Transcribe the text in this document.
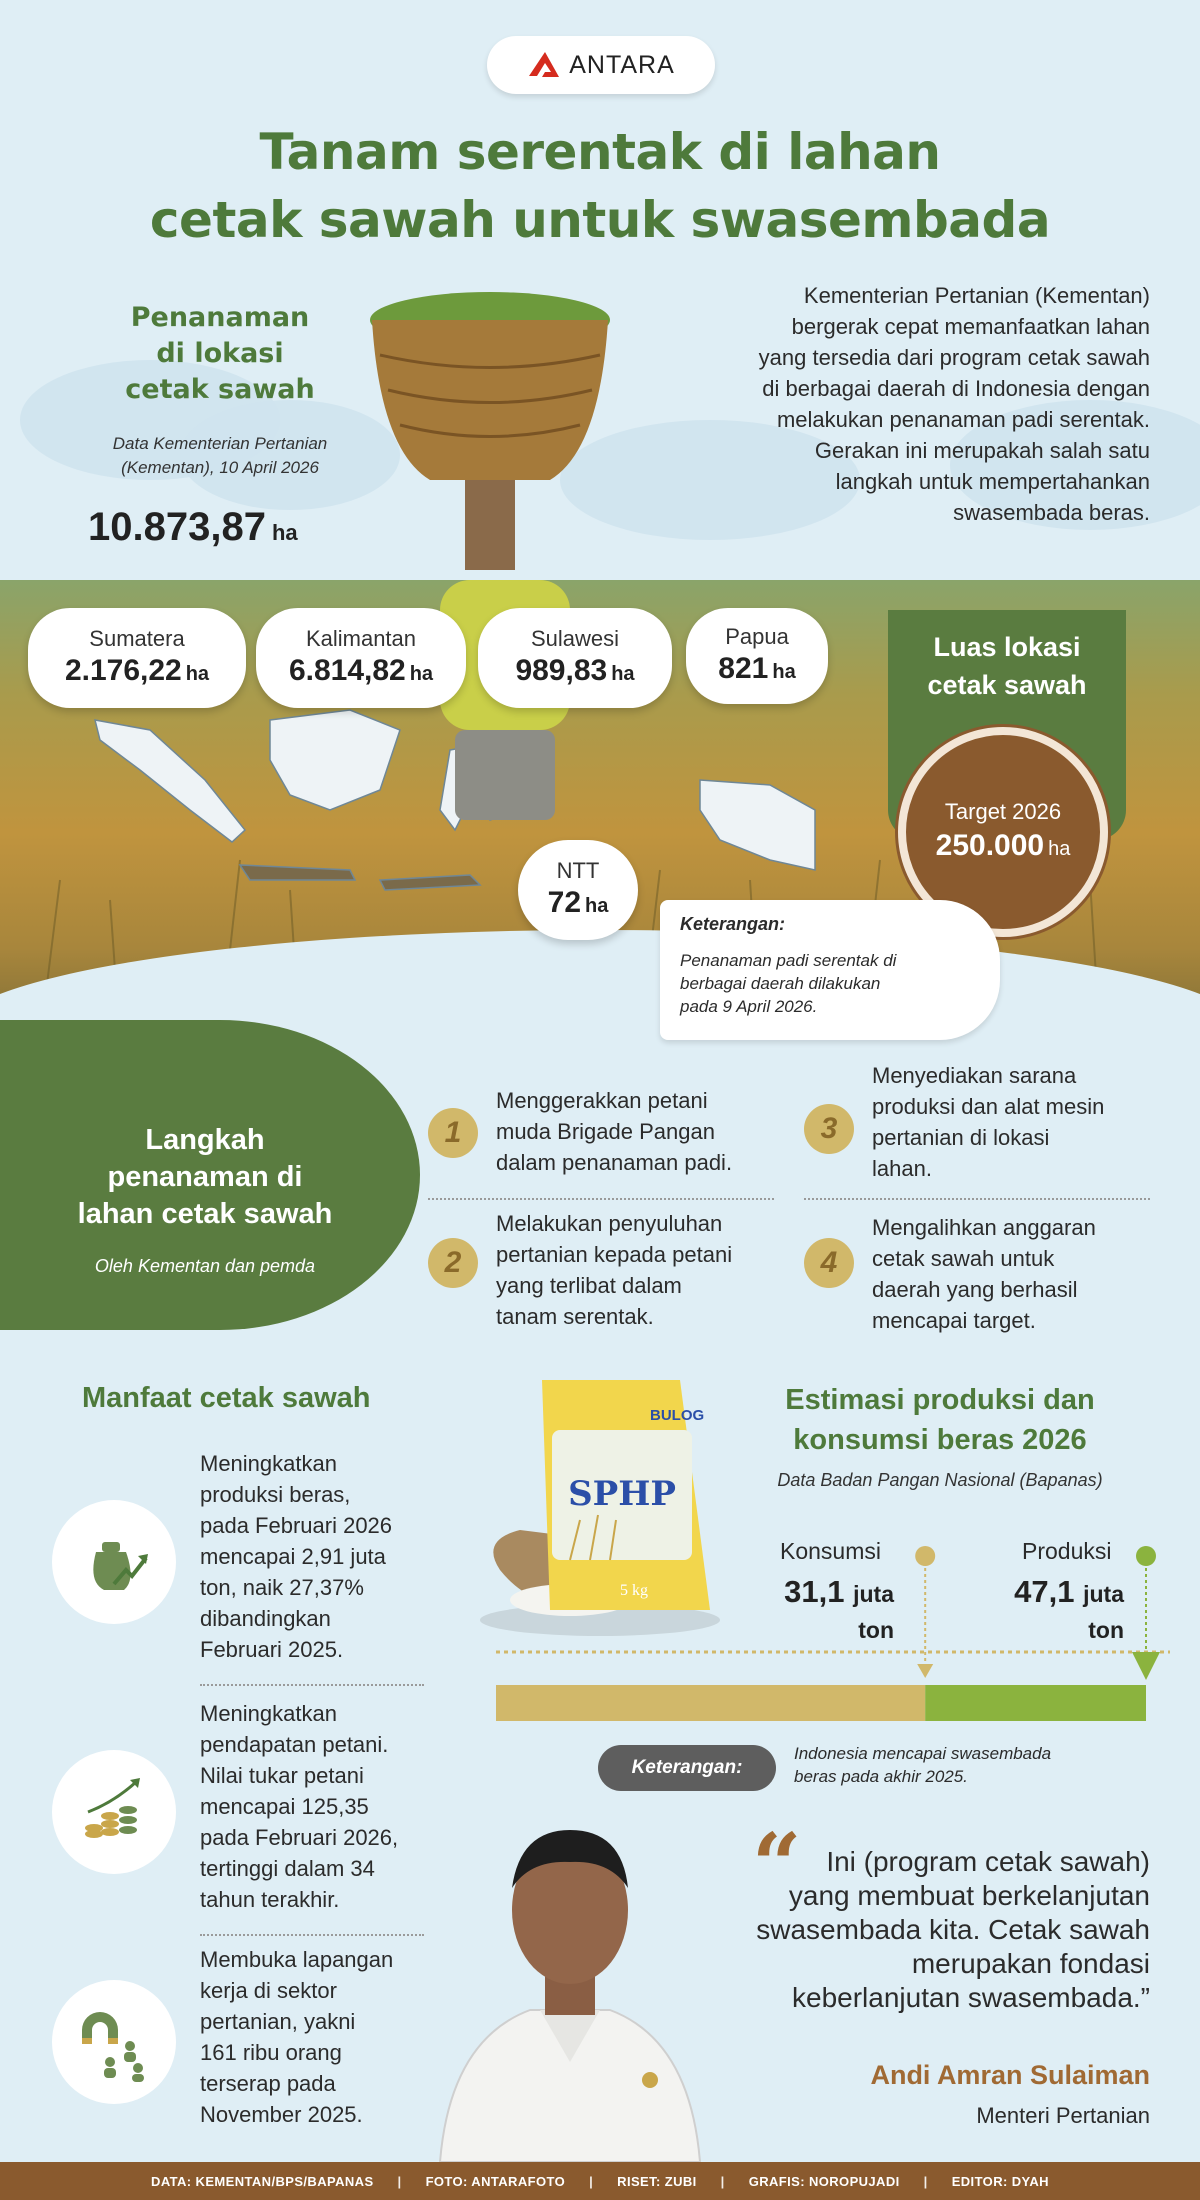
ANTARA
Tanam serentak di lahan
cetak sawah untuk swasembada
Penanaman
di lokasi
cetak sawah
Data Kementerian Pertanian
(Kementan), 10 April 2026
10.873,87 ha
Kementerian Pertanian (Kementan)
bergerak cepat memanfaatkan lahan
yang tersedia dari program cetak sawah
di berbagai daerah di Indonesia dengan
melakukan penanaman padi serentak.
Gerakan ini merupakah salah satu
langkah untuk mempertahankan
swasembada beras.
Sumatera
2.176,22 ha
Kalimantan
6.814,82 ha
Sulawesi
989,83 ha
Papua
821 ha
NTT
72 ha
Luas lokasi
cetak sawah
Target 2026
250.000 ha
Keterangan:
Penanaman padi serentak di
berbagai daerah dilakukan
pada 9 April 2026.
Langkah
penanaman di
lahan cetak sawah
Oleh Kementan dan pemda
1
Menggerakkan petani
muda Brigade Pangan
dalam penanaman padi.
2
Melakukan penyuluhan
pertanian kepada petani
yang terlibat dalam
tanam serentak.
3
Menyediakan sarana
produksi dan alat mesin
pertanian di lokasi
lahan.
4
Mengalihkan anggaran
cetak sawah untuk
daerah yang berhasil
mencapai target.
Manfaat cetak sawah
Meningkatkan
produksi beras,
pada Februari 2026
mencapai 2,91 juta
ton, naik 27,37%
dibandingkan
Februari 2025.
Meningkatkan
pendapatan petani.
Nilai tukar petani
mencapai 125,35
pada Februari 2026,
tertinggi dalam 34
tahun terakhir.
Membuka lapangan
kerja di sektor
pertanian, yakni
161 ribu orang
terserap pada
November 2025.
SPHP
BULOG
5 kg
Estimasi produksi dan
konsumsi beras 2026
Data Badan Pangan Nasional (Bapanas)
Konsumsi
31,1 juta
ton
Produksi
47,1 juta
ton
Keterangan:
Indonesia mencapai swasembada
beras pada akhir 2025.
“ Ini (program cetak sawah)
yang membuat berkelanjutan
swasembada kita. Cetak sawah
merupakan fondasi
keberlanjutan swasembada.”
Andi Amran Sulaiman
Menteri Pertanian
DATA: KEMENTAN/BPS/BAPANAS | FOTO: ANTARAFOTO | RISET: ZUBI | GRAFIS: NOROPUJADI | EDITOR: DYAH
